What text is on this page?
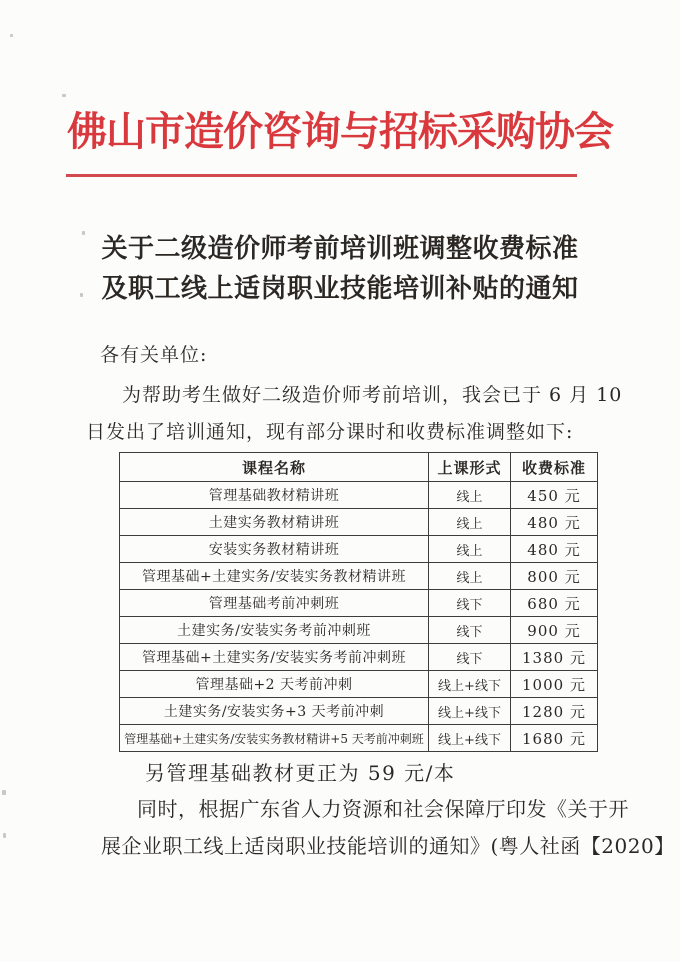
佛山市造价咨询与招标采购协会
关于二级造价师考前培训班调整收费标准
及职工线上适岗职业技能培训补贴的通知
各有关单位:
为帮助考生做好二级造价师考前培训，我会已于 6 月 10
日发出了培训通知，现有部分课时和收费标准调整如下:
课程名称	上课形式	收费标准
管理基础教材精讲班	线上	450 元
土建实务教材精讲班	线上	480 元
安装实务教材精讲班	线上	480 元
管理基础+土建实务/安装实务教材精讲班	线上	800 元
管理基础考前冲刺班	线下	680 元
土建实务/安装实务考前冲刺班	线下	900 元
管理基础+土建实务/安装实务考前冲刺班	线下	1380 元
管理基础+2 天考前冲刺	线上+线下	1000 元
土建实务/安装实务+3 天考前冲刺	线上+线下	1280 元
管理基础+土建实务/安装实务教材精讲+5 天考前冲刺班	线上+线下	1680 元
另管理基础教材更正为 59 元/本
同时，根据广东省人力资源和社会保障厅印发《关于开
展企业职工线上适岗职业技能培训的通知》(粤人社函【2020】
